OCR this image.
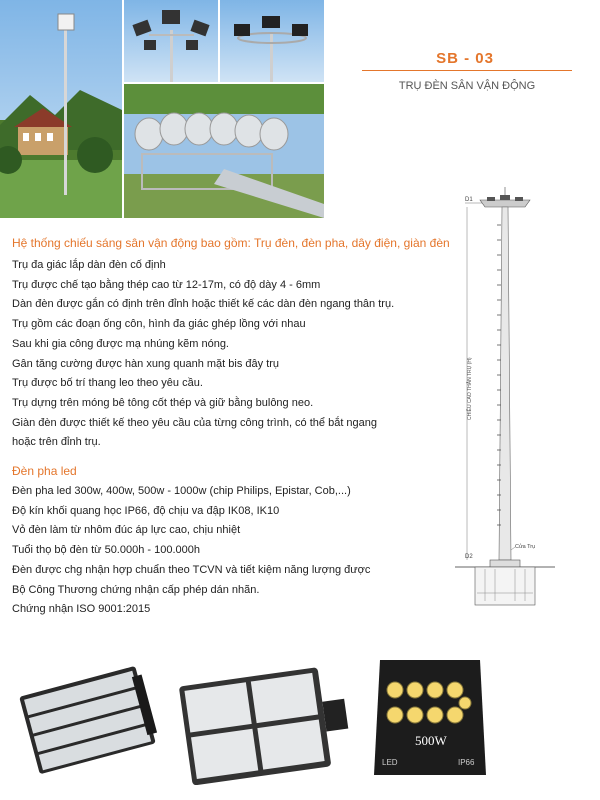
SB - 03
TRỤ ĐÈN SÂN VẬN ĐỘNG
Hệ thống chiếu sáng sân vận động bao gồm: Trụ đèn, đèn pha, dây điện, giàn đèn
Trụ đa giác lắp dàn đèn cố định
Trụ được chế tạo bằng thép cao từ 12-17m, có độ dày 4 - 6mm
Dàn đèn được gắn có định trên đỉnh hoặc thiết kế các dàn đèn ngang thân trụ.
Trụ gồm các đoạn ống côn, hình đa giác ghép lồng với nhau
Sau khi gia công được mạ nhúng kẽm nóng.
Gân tăng cường được hàn xung quanh mặt bis đây trụ
Trụ được bố trí thang leo theo yêu cầu.
Trụ dựng trên móng bê tông cốt thép và giữ bằng bulông neo.
Giàn đèn được thiết kế theo yêu cầu của từng công trình, có thể bắt ngang
hoặc trên đỉnh trụ.
Đèn pha led
Đèn pha led 300w, 400w, 500w - 1000w (chip Philips, Epistar, Cob,...)
Độ kín khối quang học IP66, độ chịu va đập IK08, IK10
Vỏ đèn làm từ nhôm đúc áp lực cao, chịu nhiệt
Tuổi thọ bộ đèn từ 50.000h - 100.000h
Đèn được chg nhận hợp chuẩn theo TCVN và tiết kiệm năng lượng được
Bộ Công Thương chứng nhận cấp phép dán nhãn.
Chứng nhận ISO 9001:2015
D1
CHIỀU CAO THÂN TRỤ (H)
Cửa Trụ
D2
500W
LED	IP66
